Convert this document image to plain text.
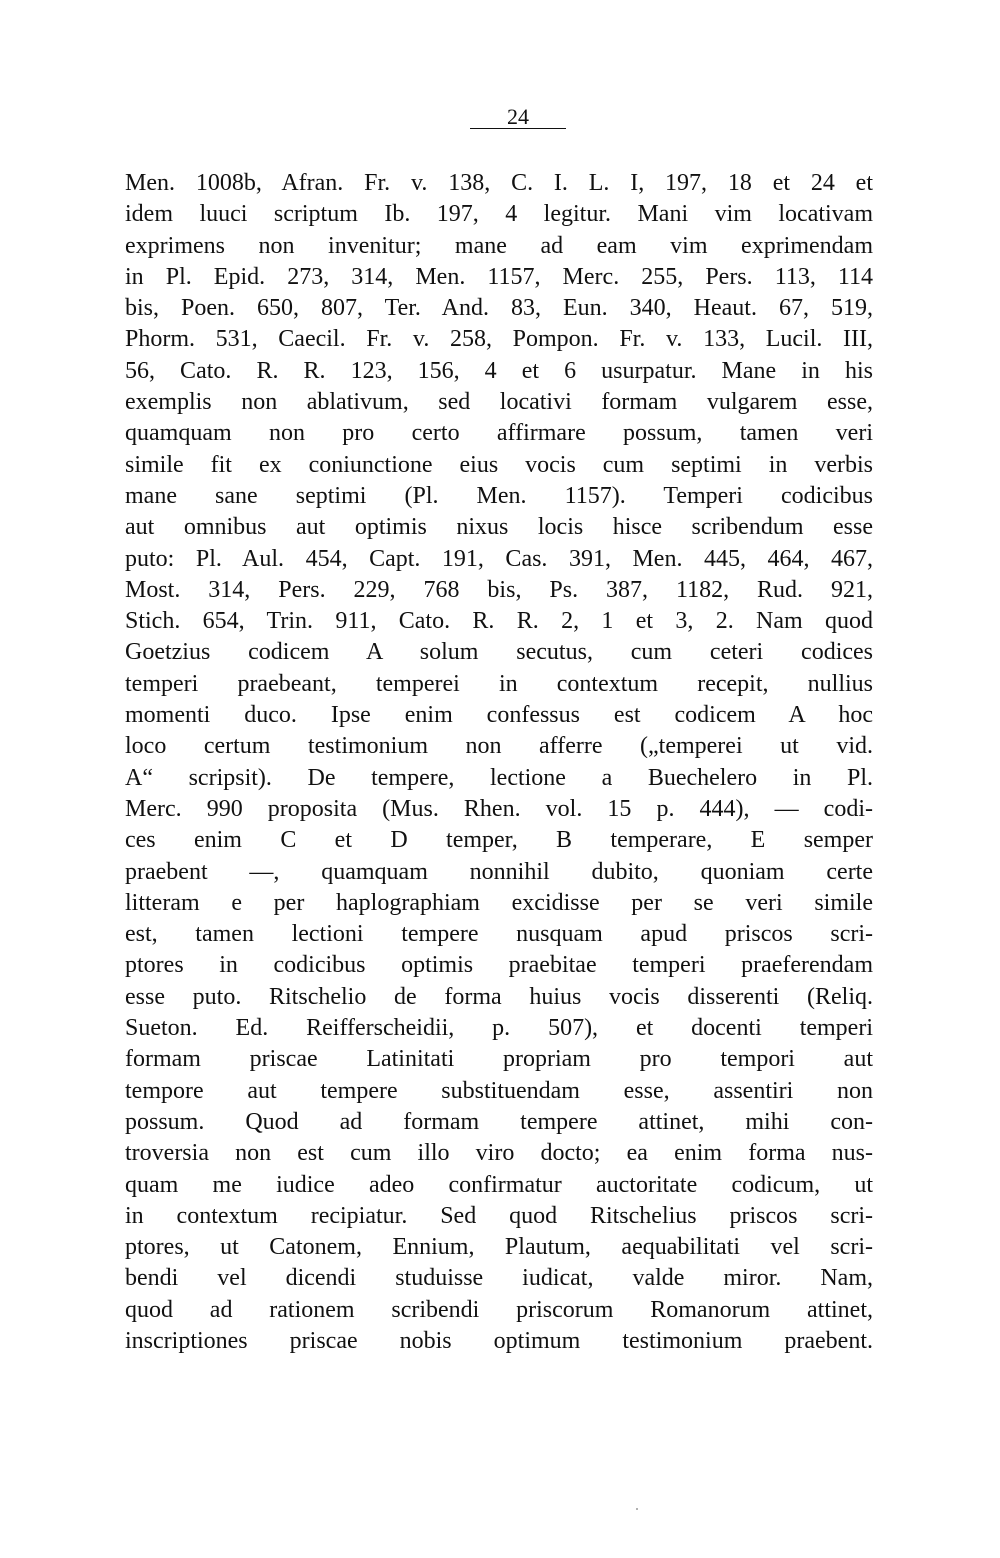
24
Men. 1008b, Afran. Fr. v. 138, C. I. L. I, 197, 18 et 24 et
idem luuci scriptum Ib. 197, 4 legitur. Mani vim locativam
exprimens non invenitur; mane ad eam vim exprimendam
in Pl. Epid. 273, 314, Men. 1157, Merc. 255, Pers. 113, 114
bis, Poen. 650, 807, Ter. And. 83, Eun. 340, Heaut. 67, 519,
Phorm. 531, Caecil. Fr. v. 258, Pompon. Fr. v. 133, Lucil. III,
56, Cato. R. R. 123, 156, 4 et 6 usurpatur. Mane in his
exemplis non ablativum, sed locativi formam vulgarem esse,
quamquam non pro certo affirmare possum, tamen veri
simile fit ex coniunctione eius vocis cum septimi in verbis
mane sane septimi (Pl. Men. 1157). Temperi codicibus
aut omnibus aut optimis nixus locis hisce scribendum esse
puto: Pl. Aul. 454, Capt. 191, Cas. 391, Men. 445, 464, 467,
Most. 314, Pers. 229, 768 bis, Ps. 387, 1182, Rud. 921,
Stich. 654, Trin. 911, Cato. R. R. 2, 1 et 3, 2. Nam quod
Goetzius codicem A solum secutus, cum ceteri codices
temperi praebeant, temperei in contextum recepit, nullius
momenti duco. Ipse enim confessus est codicem A hoc
loco certum testimonium non afferre („temperei ut vid.
A“ scripsit). De tempere, lectione a Buechelero in Pl.
Merc. 990 proposita (Mus. Rhen. vol. 15 p. 444), — codi-
ces enim C et D temper, B temperare, E semper
praebent —, quamquam nonnihil dubito, quoniam certe
litteram e per haplographiam excidisse per se veri simile
est, tamen lectioni tempere nusquam apud priscos scri-
ptores in codicibus optimis praebitae temperi praeferendam
esse puto. Ritschelio de forma huius vocis disserenti (Reliq.
Sueton. Ed. Reifferscheidii, p. 507), et docenti temperi
formam priscae Latinitati propriam pro tempori aut
tempore aut tempere substituendam esse, assentiri non
possum. Quod ad formam tempere attinet, mihi con-
troversia non est cum illo viro docto; ea enim forma nus-
quam me iudice adeo confirmatur auctoritate codicum, ut
in contextum recipiatur. Sed quod Ritschelius priscos scri-
ptores, ut Catonem, Ennium, Plautum, aequabilitati vel scri-
bendi vel dicendi studuisse iudicat, valde miror. Nam,
quod ad rationem scribendi priscorum Romanorum attinet,
inscriptiones priscae nobis optimum testimonium praebent.
